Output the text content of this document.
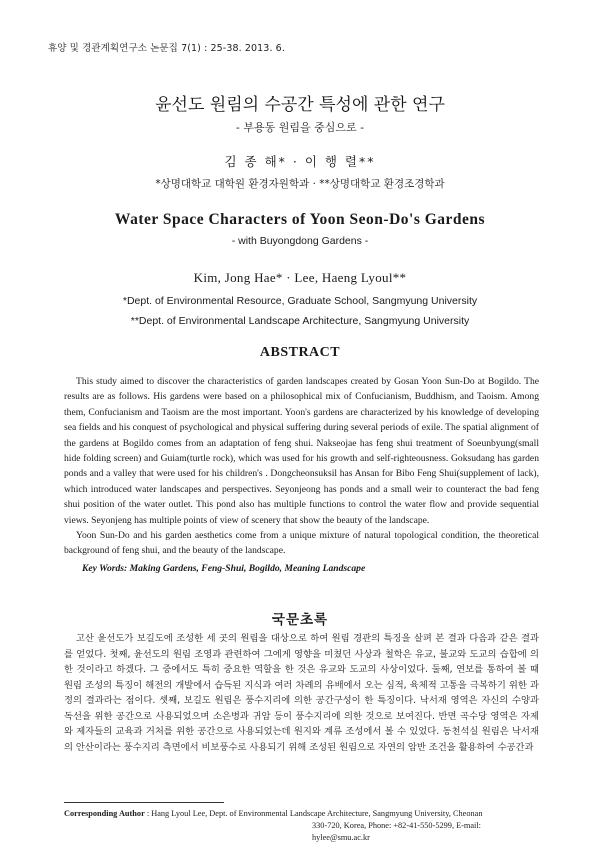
휴양 및 경관계획연구소 논문집 7(1) : 25-38. 2013. 6.
윤선도 원림의 수공간 특성에 관한 연구
- 부용동 원림을 중심으로 -
김 종 해* · 이 행 렬**
*상명대학교 대학원 환경자원학과 · **상명대학교 환경조경학과
Water Space Characters of Yoon Seon-Do's Gardens
- with Buyongdong Gardens -
Kim, Jong Hae* · Lee, Haeng Lyoul**
*Dept. of Environmental Resource, Graduate School, Sangmyung University
**Dept. of Environmental Landscape Architecture, Sangmyung University
ABSTRACT

This study aimed to discover the characteristics of garden landscapes created by Gosan Yoon Sun-Do at Bogildo. The results are as follows. His gardens were based on a philosophical mix of Confucianism, Buddhism, and Taoism. Among them, Confucianism and Taoism are the most important. Yoon's gardens are characterized by his knowledge of developing sea fields and his conquest of psychological and physical suffering during several periods of exile. The spatial alignment of the gardens at Bogildo comes from an adaptation of feng shui. Nakseojae has feng shui treatment of Soeunbyung(small hide folding screen) and Guiam(turtle rock), which was used for his growth and self-righteousness. Goksudang has garden ponds and a valley that were used for his children's . Dongcheonsuksil has Ansan for Bibo Feng Shui(supplement of lack), which introduced water landscapes and perspectives. Seyonjeong has ponds and a small weir to counteract the bad feng shui position of the water outlet. This pond also has multiple functions to control the water flow and provide sequential views. Seyonjeng has multiple points of view of scenery that show the beauty of the landscape.

Yoon Sun-Do and his garden aesthetics come from a unique mixture of natural topological condition, the theoretical background of feng shui, and the beauty of the landscape.

Key Words: Making Gardens, Feng-Shui, Bogildo, Meaning Landscape

국문초록

고산 윤선도가 보길도에 조성한 세 곳의 원림을 대상으로 하여 원림 경관의 특징을 살펴 본 결과 다음과 같은 결과를 얻었다. 첫째, 윤선도의 원림 조영과 관련하여 그에게 영향을 미쳤던 사상과 철학은 유교, 불교와 도교의 습합에 의한 것이라고 하겠다. 그 중에서도 특히 중요한 역할을 한 것은 유교와 도교의 사상이었다. 둘째, 연보를 통하여 볼 때 원림 조성의 특징이 해전의 개발에서 습득된 지식과 여러 차례의 유배에서 오는 심적, 육체적 고통을 극복하기 위한 과정의 결과라는 점이다. 셋째, 보길도 원림은 풍수지리에 의한 공간구성이 한 특징이다. 낙서재 영역은 자신의 수양과 독선을 위한 공간으로 사용되었으며 소은병과 귀암 등이 풍수지리에 의한 것으로 보여진다. 반면 곡수당 영역은 자제와 제자들의 교육과 거처를 위한 공간으로 사용되었는데 원지와 계류 조성에서 볼 수 있었다. 동천석실 원림은 낙서재의 안산이라는 풍수지리 측면에서 비보풍수로 사용되기 위해 조성된 원림으로 자연의 암반 조건을 활용하여 수공간과

Corresponding Author : Hang Lyoul Lee, Dept. of Environmental Landscape Architecture, Sangmyung University, Cheonan
330-720, Korea, Phone: +82-41-550-5299, E-mail: hylee@smu.ac.kr
